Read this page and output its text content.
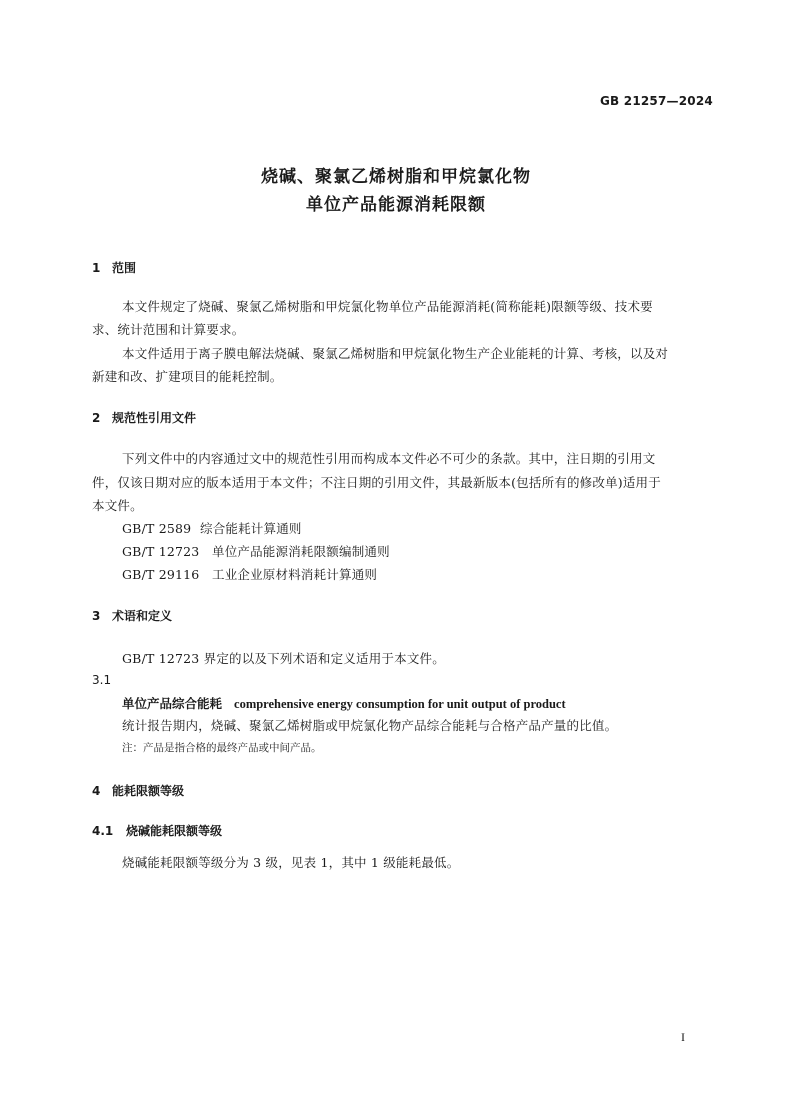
GB 21257—2024
烧碱、聚氯乙烯树脂和甲烷氯化物
单位产品能源消耗限额
1 范围

本文件规定了烧碱、聚氯乙烯树脂和甲烷氯化物单位产品能源消耗(简称能耗)限额等级、技术要

求、统计范围和计算要求。

本文件适用于离子膜电解法烧碱、聚氯乙烯树脂和甲烷氯化物生产企业能耗的计算、考核，以及对

新建和改、扩建项目的能耗控制。

2 规范性引用文件

下列文件中的内容通过文中的规范性引用而构成本文件必不可少的条款。其中，注日期的引用文

件，仅该日期对应的版本适用于本文件；不注日期的引用文件，其最新版本(包括所有的修改单)适用于

本文件。

GB/T 2589 综合能耗计算通则
GB/T 12723 单位产品能源消耗限额编制通则
GB/T 29116 工业企业原材料消耗计算通则
3 术语和定义

GB/T 12723 界定的以及下列术语和定义适用于本文件。

3.1
单位产品综合能耗 comprehensive energy consumption for unit output of product

统计报告期内，烧碱、聚氯乙烯树脂或甲烷氯化物产品综合能耗与合格产品产量的比值。

注：产品是指合格的最终产品或中间产品。

4 能耗限额等级
4.1 烧碱能耗限额等级

烧碱能耗限额等级分为 3 级，见表 1，其中 1 级能耗最低。

I
